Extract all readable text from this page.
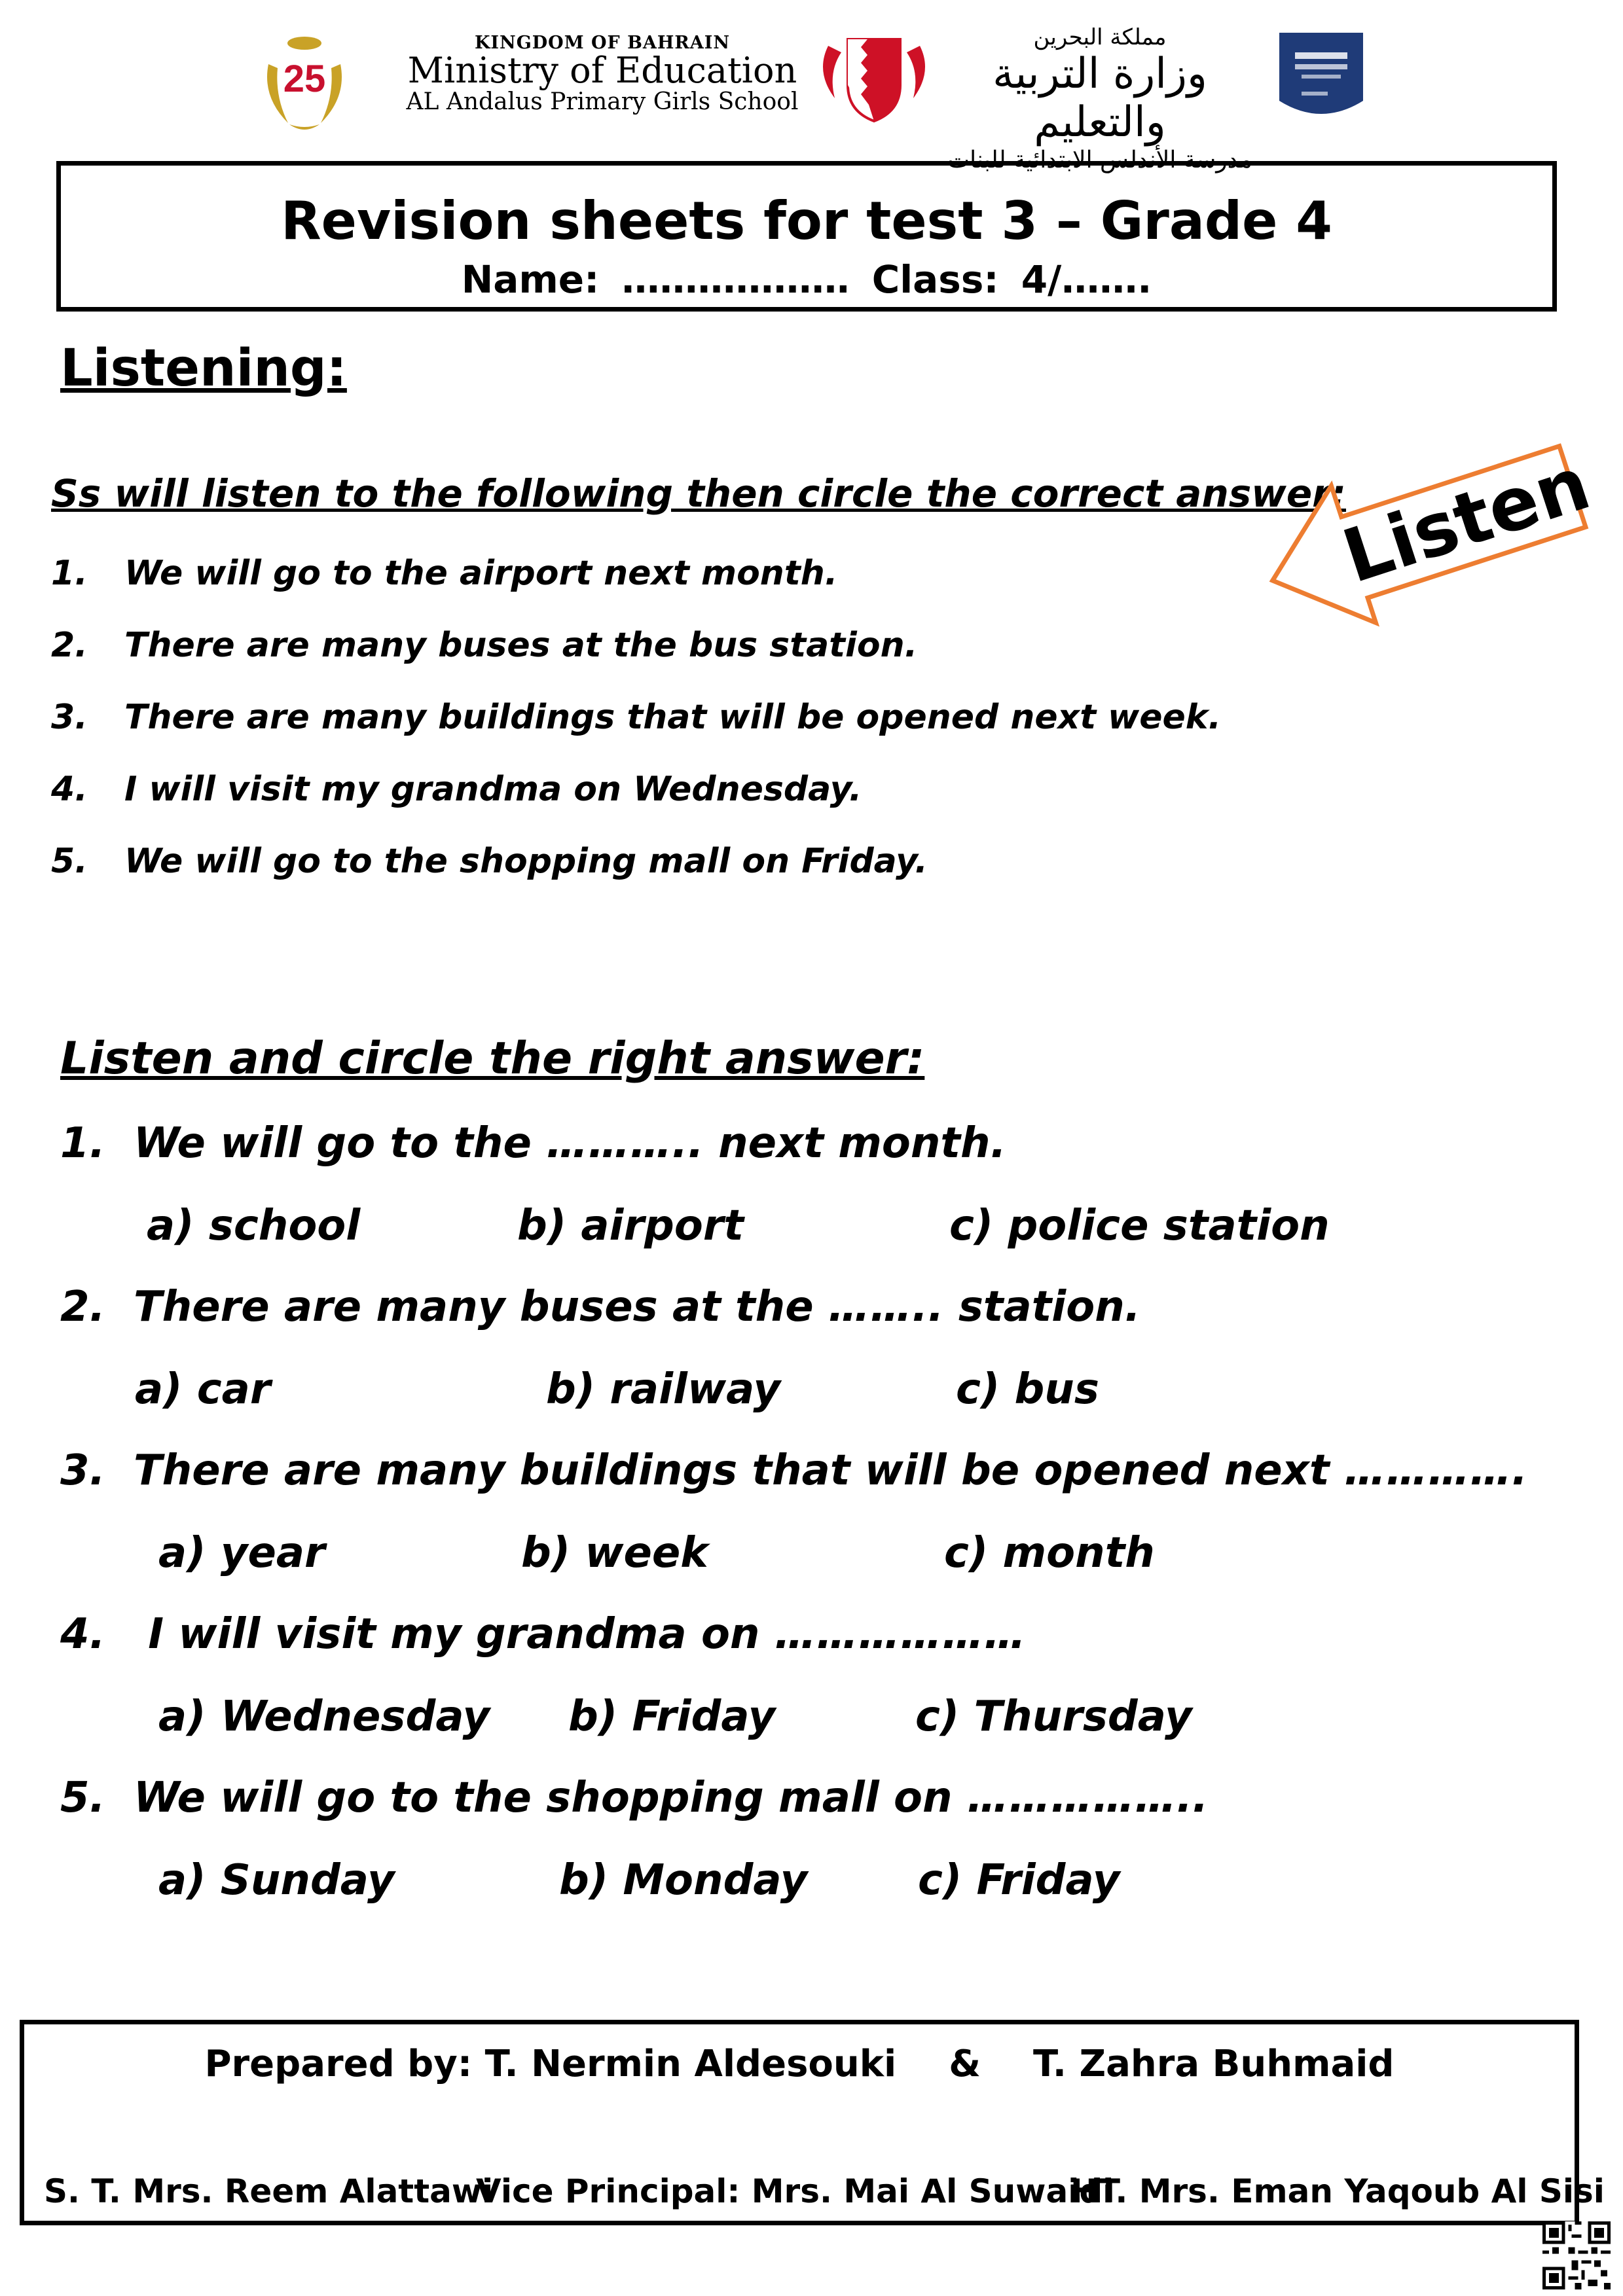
25
KINGDOM OF BAHRAIN
Ministry of Education
AL Andalus Primary Girls School
مملكة البحرين
وزارة التربية والتعليم
مدرسة الأندلس الابتدائية للبنات
Revision sheets for test 3 – Grade 4
Name: ……………… Class: 4/…….
Listening:
Ss will listen to the following then circle the correct answer:
1. We will go to the airport next month.
2. There are many buses at the bus station.
3. There are many buildings that will be opened next week.
4. I will visit my grandma on Wednesday.
5. We will go to the shopping mall on Friday.
Listen
Listen and circle the right answer:
1. We will go to the ……….. next month.
a) school	b) airport	c) police station
2. There are many buses at the …….. station.
a) car	b) railway	c) bus
3. There are many buildings that will be opened next ………….
a) year	b) week	c) month
4. I will visit my grandma on ………………
a) Wednesday b) Friday	c) Thursday
5. We will go to the shopping mall on ……………..
a) Sunday	b) Monday	c) Friday
Prepared by: T. Nermin Aldesouki & T. Zahra Buhmaid
S. T. Mrs. Reem Alattawi
Vice Principal: Mrs. Mai Al Suwaidi
HT. Mrs. Eman Yaqoub Al Sisi
